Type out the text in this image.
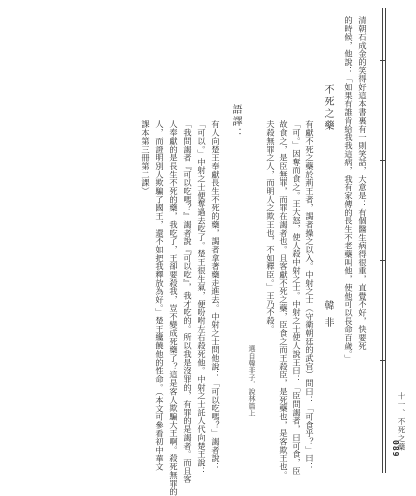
清朝石成金的笑得好這本書裏有一則笑話，大意是：有個醫生病得很重，直覺不好，快要死
的時候，他說：「如果有誰肯給我我這病，我有家傳的長生不老藥叫他，使他可以長命百歲。」
不死之藥
韓 非
有獻不死之藥於荊王者，謁者操之以入。中射之士（守衛朝廷的武官）問曰：「可食乎？」曰：
「可。」因奪而食之。王大怒，使人殺中射之士。中射之士使人說王曰：「臣問謁者，曰可食，臣
故食之，是臣無罪，而罪在謁者也。且客獻不死之藥，臣食之而王殺臣，是死藥也，是客欺王也。
夫殺無罪之人，而明人之欺王也，不如釋臣。」王乃不殺。
選自韓非子．說林篇上
語譯：
有人向楚王奉獻長生不死的藥，謁者拿著藥走進去。中射之士問他說：「可以吃嗎？」謁者說：
「可以。」中射之士便奪過去吃了。楚王很生氣，便吩咐左右殺死他。中射之士託人代向楚王說：
「我問謁者『可以吃嗎？』謁者說『可以吃』，我才吃的。所以我是沒罪的，有罪的是謁者。而且客
人奉獻的是長生不死的藥，我吃了，王卻要殺我，豈不變成死藥了？這是客人欺騙大王啊。殺死無罪的
人，而證明別人欺騙了國王，還不如把我釋放為好。」楚王纔饒他的性命。（本文可參看初中華文
課本第三冊第二課）
十一、不死之藥
089
